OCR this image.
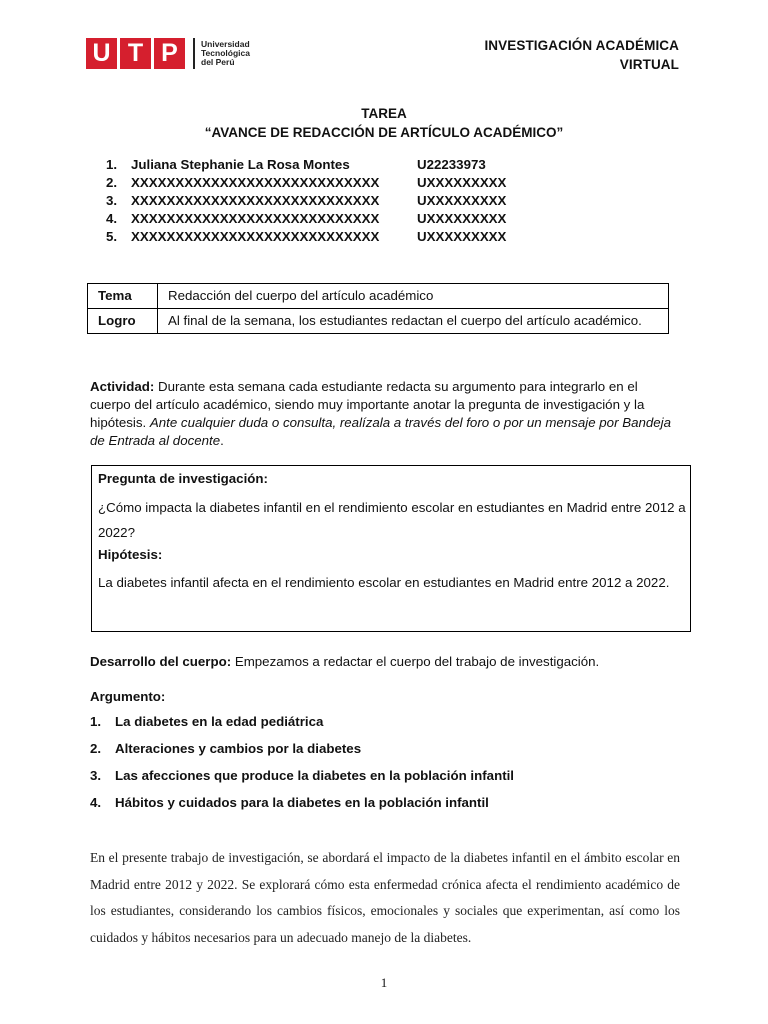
U T P	Universidad
Tecnológica
del Perú
INVESTIGACIÓN ACADÉMICA
VIRTUAL
TAREA
“AVANCE DE REDACCIÓN DE ARTÍCULO ACADÉMICO”
1.	Juliana Stephanie La Rosa Montes	U22233973
2.	XXXXXXXXXXXXXXXXXXXXXXXXXXXX	UXXXXXXXXX
3.	XXXXXXXXXXXXXXXXXXXXXXXXXXXX	UXXXXXXXXX
4.	XXXXXXXXXXXXXXXXXXXXXXXXXXXX	UXXXXXXXXX
5.	XXXXXXXXXXXXXXXXXXXXXXXXXXXX	UXXXXXXXXX
Tema	Redacción del cuerpo del artículo académico
Logro	Al final de la semana, los estudiantes redactan el cuerpo del artículo académico.
Actividad: Durante esta semana cada estudiante redacta su argumento para integrarlo en el cuerpo del artículo académico, siendo muy importante anotar la pregunta de investigación y la hipótesis. Ante cualquier duda o consulta, realízala a través del foro o por un mensaje por Bandeja de Entrada al docente.
Pregunta de investigación:
¿Cómo impacta la diabetes infantil en el rendimiento escolar en estudiantes en Madrid entre 2012 a 2022?
Hipótesis:
La diabetes infantil afecta en el rendimiento escolar en estudiantes en Madrid entre 2012 a 2022.
Desarrollo del cuerpo: Empezamos a redactar el cuerpo del trabajo de investigación.
Argumento:
1.	La diabetes en la edad pediátrica
2.	Alteraciones y cambios por la diabetes
3.	Las afecciones que produce la diabetes en la población infantil
4.	Hábitos y cuidados para la diabetes en la población infantil
En el presente trabajo de investigación, se abordará el impacto de la diabetes infantil en el ámbito escolar en Madrid entre 2012 y 2022. Se explorará cómo esta enfermedad crónica afecta el rendimiento académico de los estudiantes, considerando los cambios físicos, emocionales y sociales que experimentan, así como los cuidados y hábitos necesarios para un adecuado manejo de la diabetes.
1
